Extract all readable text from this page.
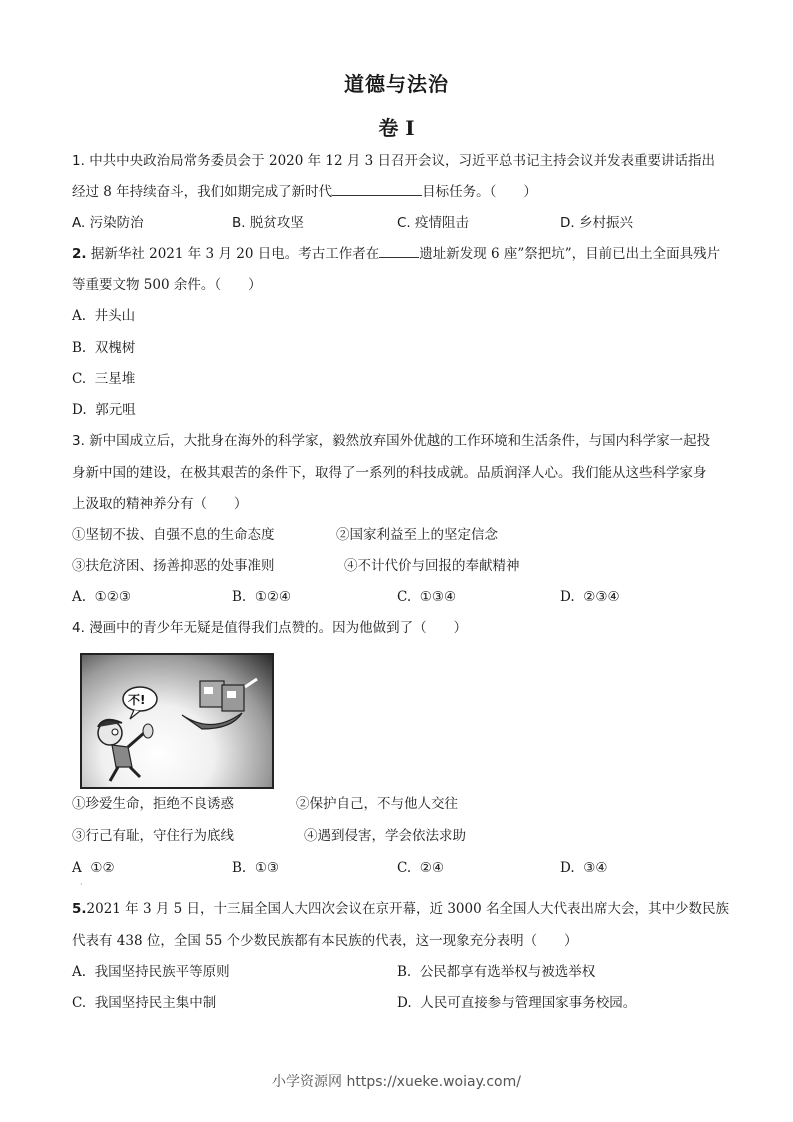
道德与法治
卷 I
1. 中共中央政治局常务委员会于 2020 年 12 月 3 日召开会议，习近平总书记主持会议并发表重要讲话指出
经过 8 年持续奋斗，我们如期完成了新时代	目标任务。（　　）
A. 污染防治	B. 脱贫攻坚	C. 疫情阻击	D. 乡村振兴
2. 据新华社 2021 年 3 月 20 日电。考古工作者在	遗址新发现 6 座”祭把坑”，目前已出土全面具残片
等重要文物 500 余件。（　　）
A. 井头山
B. 双槐树
C. 三星堆
D. 郭元咀
3. 新中国成立后，大批身在海外的科学家，毅然放弃国外优越的工作环境和生活条件，与国内科学家一起投
身新中国的建设，在极其艰苦的条件下，取得了一系列的科技成就。品质润泽人心。我们能从这些科学家身
上汲取的精神养分有（　　）
①坚韧不拔、自强不息的生命态度	②国家利益至上的坚定信念
③扶危济困、扬善抑恶的处事准则	④不计代价与回报的奉献精神
A. ①②③	B. ①②④	C. ①③④	D. ②③④
4. 漫画中的青少年无疑是值得我们点赞的。因为他做到了（　　）
不!
①珍爱生命，拒绝不良诱惑	②保护自己，不与他人交往
③行己有耻，守住行为底线	④遇到侵害，学会依法求助
A ①②	B. ①③	C. ②④	D. ③④
·
5.2021 年 3 月 5 日，十三届全国人大四次会议在京开幕，近 3000 名全国人大代表出席大会，其中少数民族
代表有 438 位，全国 55 个少数民族都有本民族的代表，这一现象充分表明（　　）
A. 我国坚持民族平等原则	B. 公民都享有选举权与被选举权
C. 我国坚持民主集中制	D. 人民可直接参与管理国家事务校园。
小学资源网 https://xueke.woiay.com/
